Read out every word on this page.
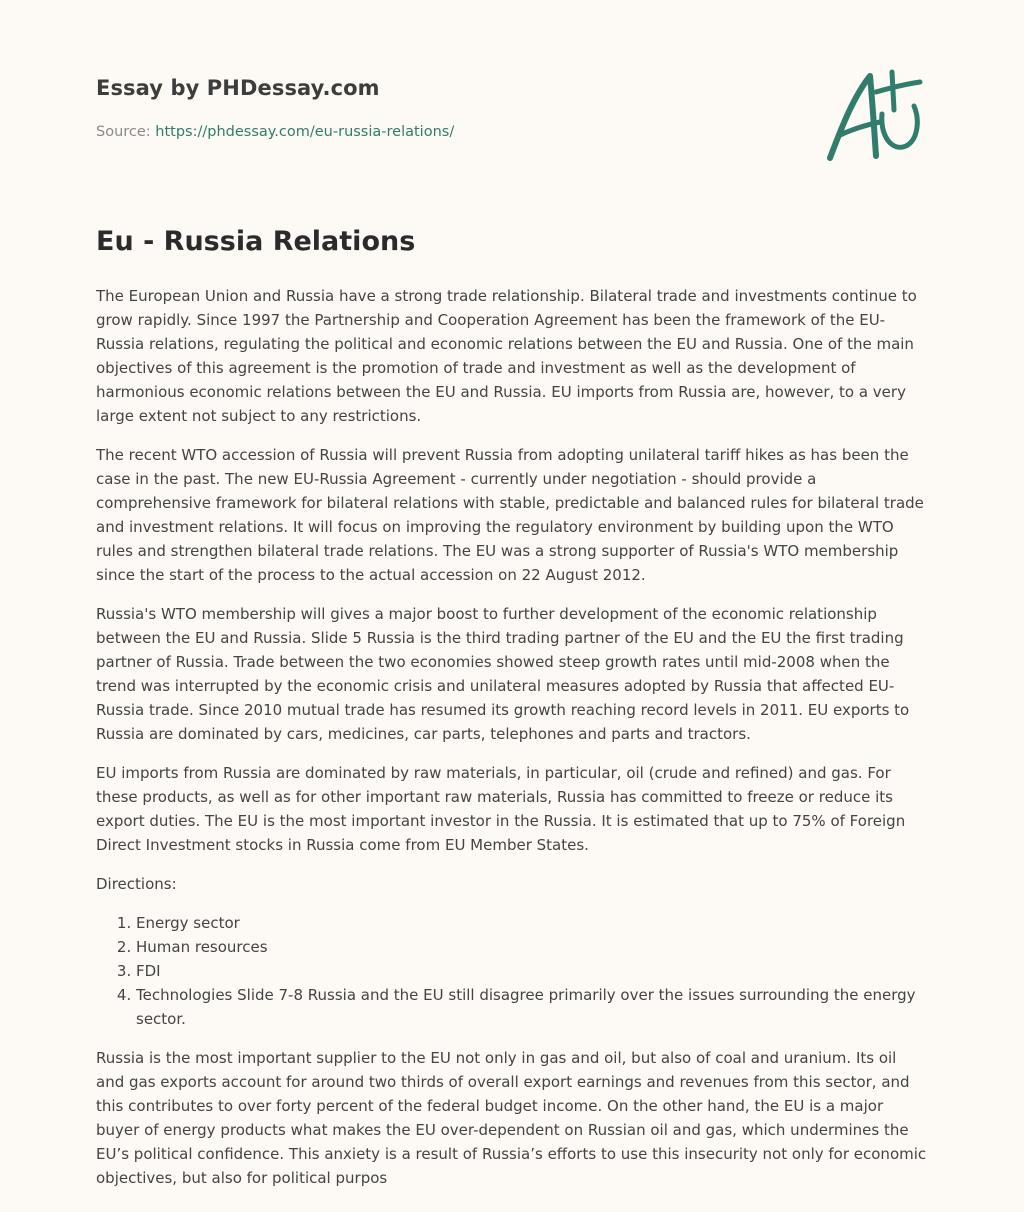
Essay by PHDessay.com

Source: https://phdessay.com/eu-russia-relations/

Eu - Russia Relations

The European Union and Russia have a strong trade relationship. Bilateral trade and investments continue to grow rapidly. Since 1997 the Partnership and Cooperation Agreement has been the framework of the EU-Russia relations, regulating the political and economic relations between the EU and Russia. One of the main objectives of this agreement is the promotion of trade and investment as well as the development of harmonious economic relations between the EU and Russia. EU imports from Russia are, however, to a very large extent not subject to any restrictions.

The recent WTO accession of Russia will prevent Russia from adopting unilateral tariff hikes as has been the case in the past. The new EU-Russia Agreement - currently under negotiation - should provide a comprehensive framework for bilateral relations with stable, predictable and balanced rules for bilateral trade and investment relations. It will focus on improving the regulatory environment by building upon the WTO rules and strengthen bilateral trade relations. The EU was a strong supporter of Russia's WTO membership since the start of the process to the actual accession on 22 August 2012.

Russia's WTO membership will gives a major boost to further development of the economic relationship between the EU and Russia. Slide 5 Russia is the third trading partner of the EU and the EU the first trading partner of Russia. Trade between the two economies showed steep growth rates until mid-2008 when the trend was interrupted by the economic crisis and unilateral measures adopted by Russia that affected EU-Russia trade. Since 2010 mutual trade has resumed its growth reaching record levels in 2011. EU exports to Russia are dominated by cars, medicines, car parts, telephones and parts and tractors.

EU imports from Russia are dominated by raw materials, in particular, oil (crude and refined) and gas. For these products, as well as for other important raw materials, Russia has committed to freeze or reduce its export duties. The EU is the most important investor in the Russia. It is estimated that up to 75% of Foreign Direct Investment stocks in Russia come from EU Member States.

Directions:

1. Energy sector
2. Human resources
3. FDI
4. Technologies Slide 7-8 Russia and the EU still disagree primarily over the issues surrounding the energy sector.

Russia is the most important supplier to the EU not only in gas and oil, but also of coal and uranium. Its oil and gas exports account for around two thirds of overall export earnings and revenues from this sector, and this contributes to over forty percent of the federal budget income. On the other hand, the EU is a major buyer of energy products what makes the EU over-dependent on Russian oil and gas, which undermines the EU’s political confidence. This anxiety is a result of Russia’s efforts to use this insecurity not only for economic objectives, but also for political purpos
